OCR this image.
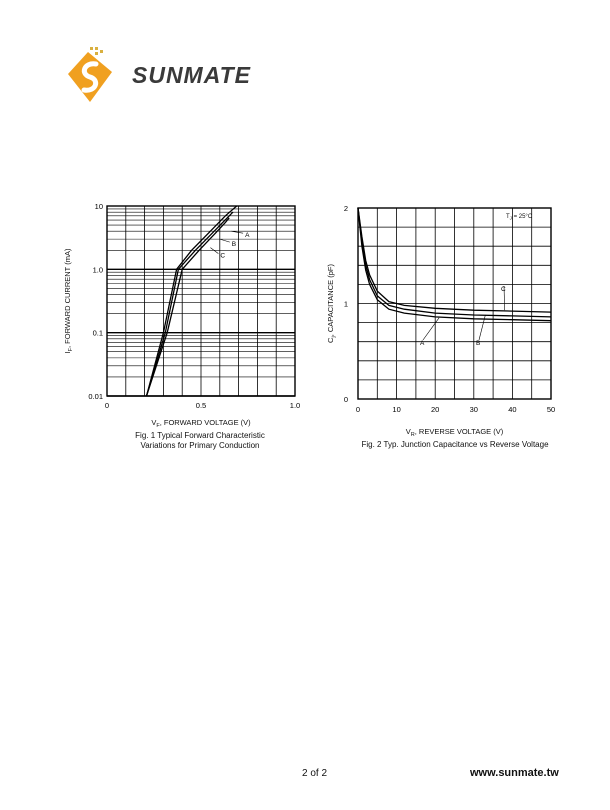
SUNMATE
0	0.5	1.0
0.01
0.1
1.0
10
A
B
C
$V_F$, FORWARD VOLTAGE (V)
$I_F$, FORWARD CURRENT (mA)
0	10	20	30	40	50
0
1
2
A	B
C
$T_J = 25^\circ C$
$V_R$, REVERSE VOLTAGE (V)
$C_j$, CAPACITANCE (pF)
Fig. 1 Typical Forward Characteristic
Variations for Primary Conduction	Fig. 2 Typ. Junction Capacitance vs Reverse Voltage
2 of 2	www.sunmate.tw
